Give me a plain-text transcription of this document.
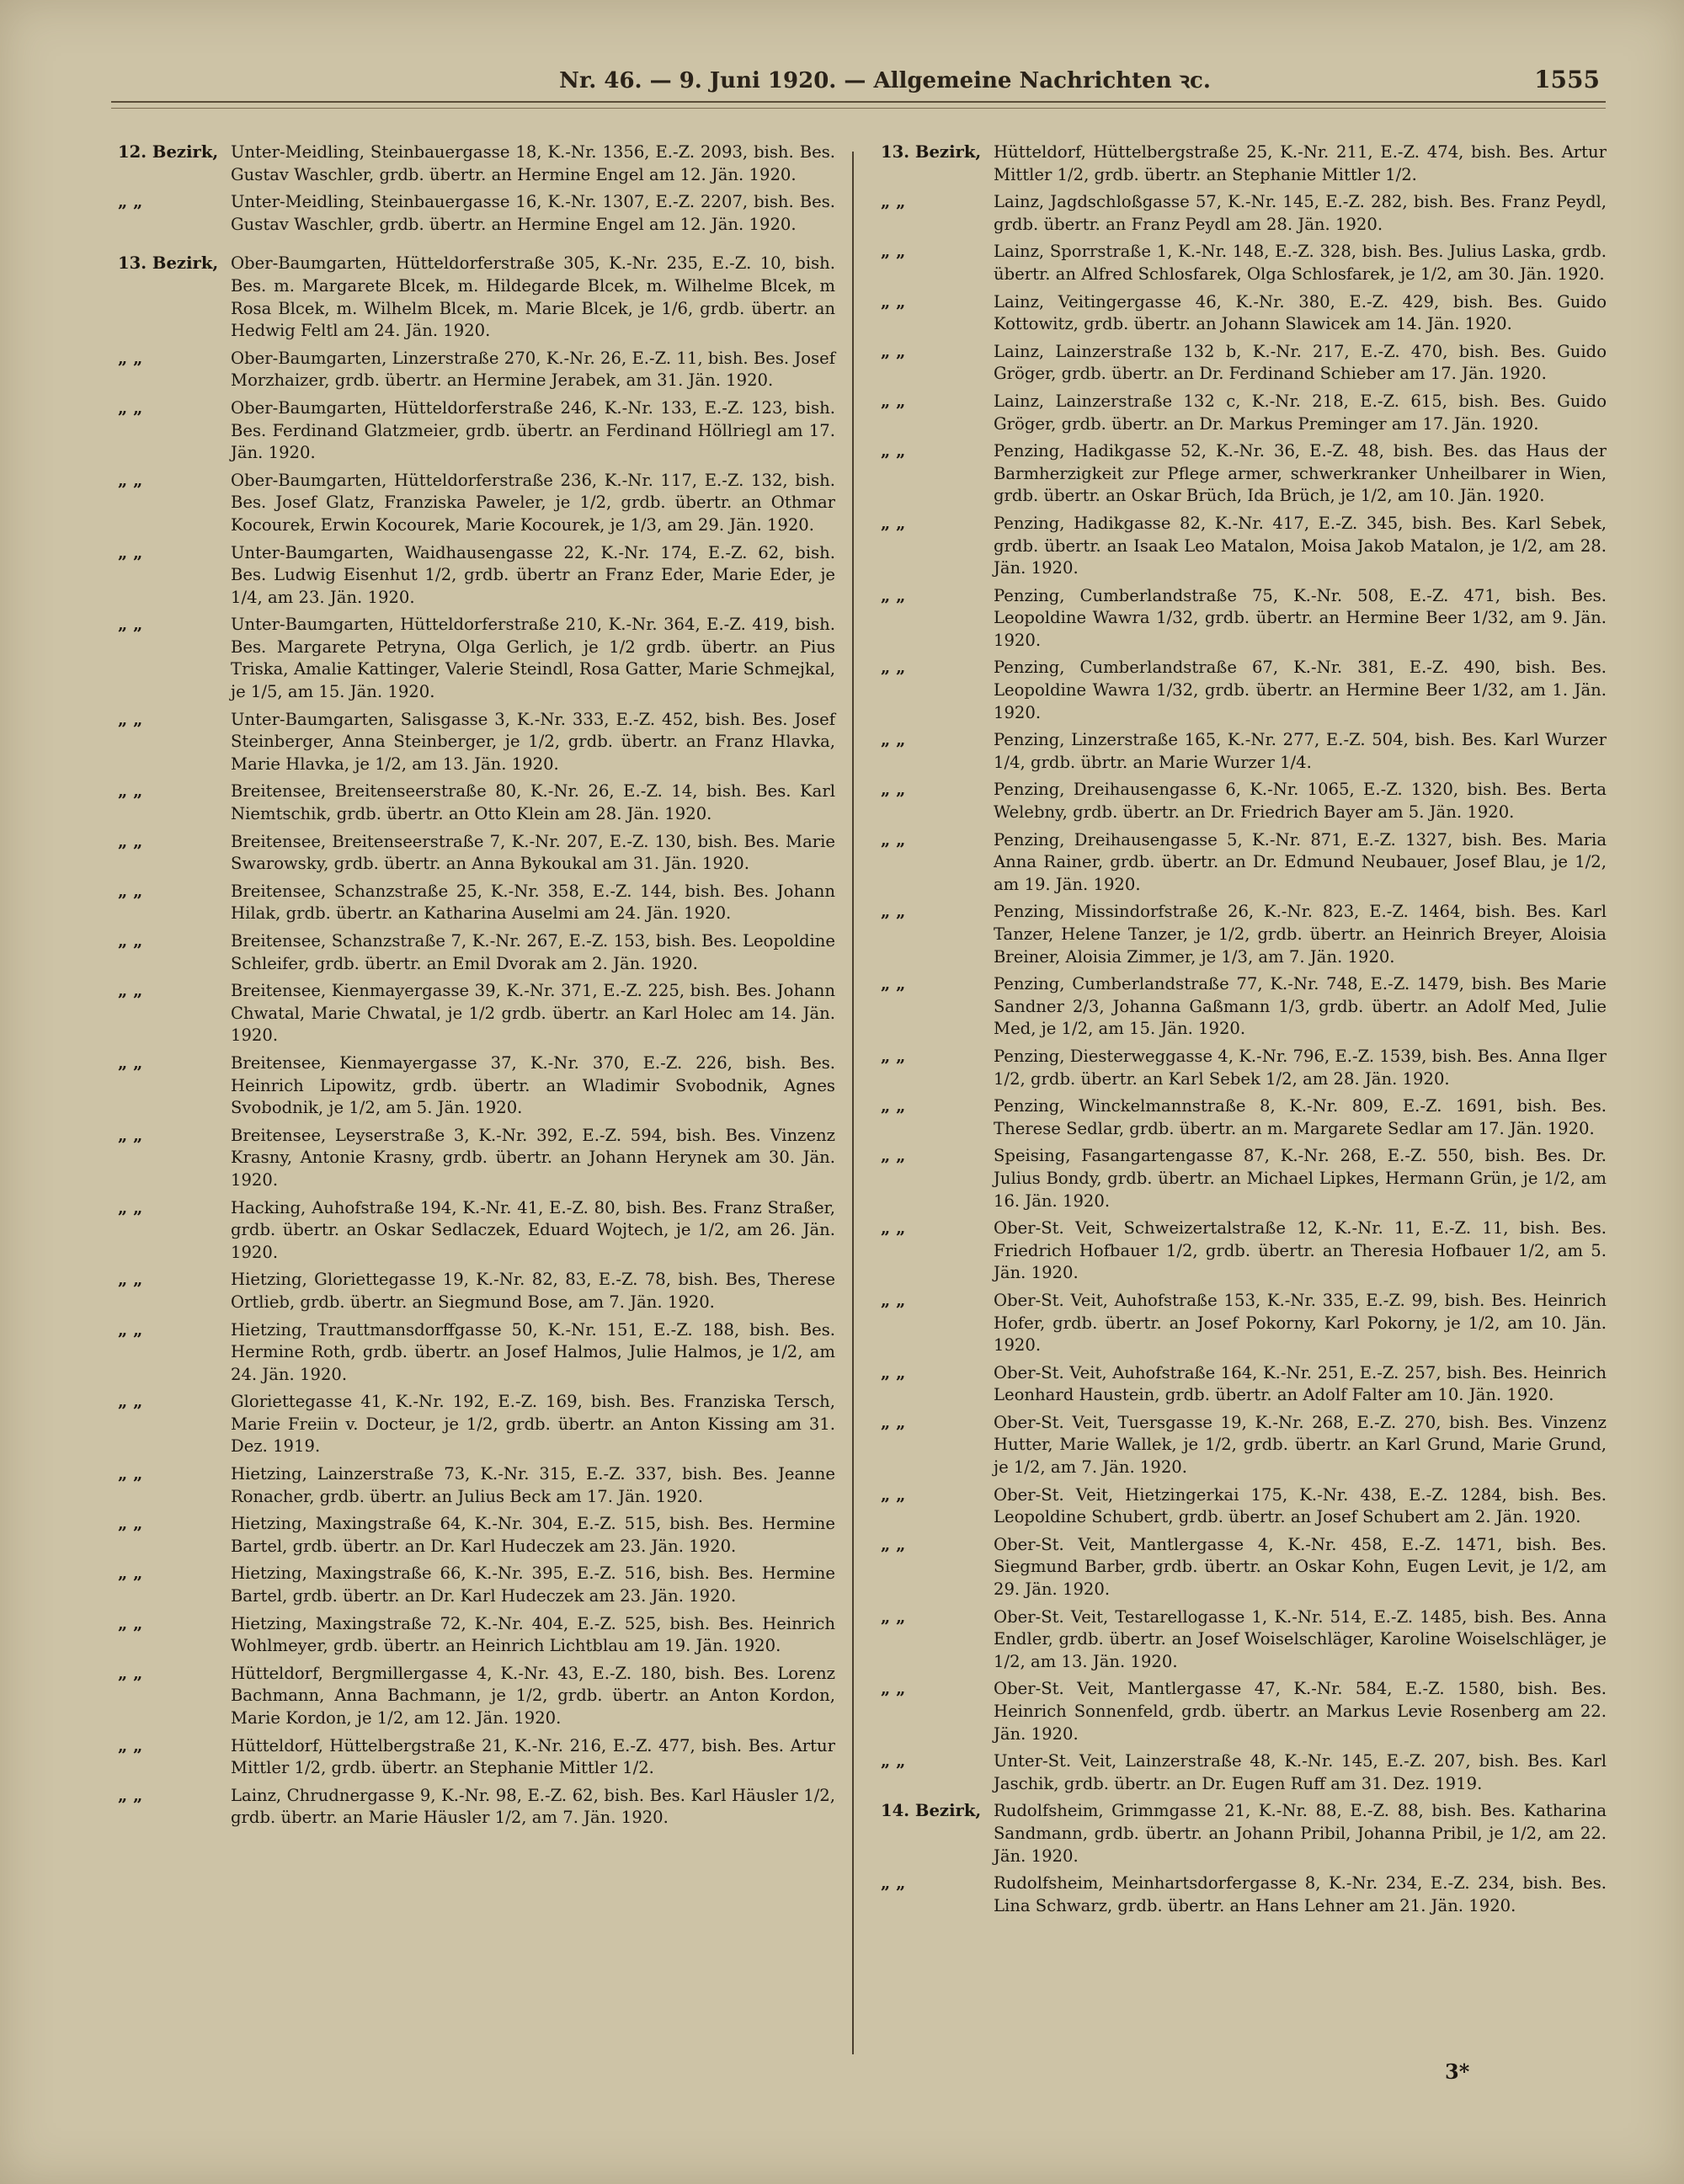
Nr. 46. — 9. Juni 1920. — Allgemeine Nachrichten ꝛc.	1555
12. Bezirk, Unter-Meidling, Steinbauergasse 18, K.-Nr. 1356, E.-Z. 2093, bish. Bes. Gustav Waschler, grdb. übertr. an Hermine Engel am 12. Jän. 1920.
„ „	Unter-Meidling, Steinbauergasse 16, K.-Nr. 1307, E.-Z. 2207, bish. Bes. Gustav Waschler, grdb. übertr. an Hermine Engel am 12. Jän. 1920.
13. Bezirk, Ober-Baumgarten, Hütteldorferstraße 305, K.-Nr. 235, E.-Z. 10, bish. Bes. m. Margarete Blcek, m. Hildegarde Blcek, m. Wilhelme Blcek, m Rosa Blcek, m. Wilhelm Blcek, m. Marie Blcek, je 1/6, grdb. übertr. an Hedwig Feltl am 24. Jän. 1920.
„ „	Ober-Baumgarten, Linzerstraße 270, K.-Nr. 26, E.-Z. 11, bish. Bes. Josef Morzhaizer, grdb. übertr. an Hermine Jerabek, am 31. Jän. 1920.
„ „	Ober-Baumgarten, Hütteldorferstraße 246, K.-Nr. 133, E.-Z. 123, bish. Bes. Ferdinand Glatzmeier, grdb. übertr. an Ferdinand Höllriegl am 17. Jän. 1920.
„ „	Ober-Baumgarten, Hütteldorferstraße 236, K.-Nr. 117, E.-Z. 132, bish. Bes. Josef Glatz, Franziska Paweler, je 1/2, grdb. übertr. an Othmar Kocourek, Erwin Kocourek, Marie Kocourek, je 1/3, am 29. Jän. 1920.
„ „	Unter-Baumgarten, Waidhausengasse 22, K.-Nr. 174, E.-Z. 62, bish. Bes. Ludwig Eisenhut 1/2, grdb. übertr an Franz Eder, Marie Eder, je 1/4, am 23. Jän. 1920.
„ „	Unter-Baumgarten, Hütteldorferstraße 210, K.-Nr. 364, E.-Z. 419, bish. Bes. Margarete Petryna, Olga Gerlich, je 1/2 grdb. übertr. an Pius Triska, Amalie Kattinger, Valerie Steindl, Rosa Gatter, Marie Schmejkal, je 1/5, am 15. Jän. 1920.
„ „	Unter-Baumgarten, Salisgasse 3, K.-Nr. 333, E.-Z. 452, bish. Bes. Josef Steinberger, Anna Steinberger, je 1/2, grdb. übertr. an Franz Hlavka, Marie Hlavka, je 1/2, am 13. Jän. 1920.
„ „	Breitensee, Breitenseerstraße 80, K.-Nr. 26, E.-Z. 14, bish. Bes. Karl Niemtschik, grdb. übertr. an Otto Klein am 28. Jän. 1920.
„ „	Breitensee, Breitenseerstraße 7, K.-Nr. 207, E.-Z. 130, bish. Bes. Marie Swarowsky, grdb. übertr. an Anna Bykoukal am 31. Jän. 1920.
„ „	Breitensee, Schanzstraße 25, K.-Nr. 358, E.-Z. 144, bish. Bes. Johann Hilak, grdb. übertr. an Katharina Auselmi am 24. Jän. 1920.
„ „	Breitensee, Schanzstraße 7, K.-Nr. 267, E.-Z. 153, bish. Bes. Leopoldine Schleifer, grdb. übertr. an Emil Dvorak am 2. Jän. 1920.
„ „	Breitensee, Kienmayergasse 39, K.-Nr. 371, E.-Z. 225, bish. Bes. Johann Chwatal, Marie Chwatal, je 1/2 grdb. übertr. an Karl Holec am 14. Jän. 1920.
„ „	Breitensee, Kienmayergasse 37, K.-Nr. 370, E.-Z. 226, bish. Bes. Heinrich Lipowitz, grdb. übertr. an Wladimir Svobodnik, Agnes Svobodnik, je 1/2, am 5. Jän. 1920.
„ „	Breitensee, Leyserstraße 3, K.-Nr. 392, E.-Z. 594, bish. Bes. Vinzenz Krasny, Antonie Krasny, grdb. übertr. an Johann Herynek am 30. Jän. 1920.
„ „	Hacking, Auhofstraße 194, K.-Nr. 41, E.-Z. 80, bish. Bes. Franz Straßer, grdb. übertr. an Oskar Sedlaczek, Eduard Wojtech, je 1/2, am 26. Jän. 1920.
„ „	Hietzing, Gloriettegasse 19, K.-Nr. 82, 83, E.-Z. 78, bish. Bes, Therese Ortlieb, grdb. übertr. an Siegmund Bose, am 7. Jän. 1920.
„ „	Hietzing, Trauttmansdorffgasse 50, K.-Nr. 151, E.-Z. 188, bish. Bes. Hermine Roth, grdb. übertr. an Josef Halmos, Julie Halmos, je 1/2, am 24. Jän. 1920.
„ „	Gloriettegasse 41, K.-Nr. 192, E.-Z. 169, bish. Bes. Franziska Tersch, Marie Freiin v. Docteur, je 1/2, grdb. übertr. an Anton Kissing am 31. Dez. 1919.
„ „	Hietzing, Lainzerstraße 73, K.-Nr. 315, E.-Z. 337, bish. Bes. Jeanne Ronacher, grdb. übertr. an Julius Beck am 17. Jän. 1920.
„ „	Hietzing, Maxingstraße 64, K.-Nr. 304, E.-Z. 515, bish. Bes. Hermine Bartel, grdb. übertr. an Dr. Karl Hudeczek am 23. Jän. 1920.
„ „	Hietzing, Maxingstraße 66, K.-Nr. 395, E.-Z. 516, bish. Bes. Hermine Bartel, grdb. übertr. an Dr. Karl Hudeczek am 23. Jän. 1920.
„ „	Hietzing, Maxingstraße 72, K.-Nr. 404, E.-Z. 525, bish. Bes. Heinrich Wohlmeyer, grdb. übertr. an Heinrich Lichtblau am 19. Jän. 1920.
„ „	Hütteldorf, Bergmillergasse 4, K.-Nr. 43, E.-Z. 180, bish. Bes. Lorenz Bachmann, Anna Bachmann, je 1/2, grdb. übertr. an Anton Kordon, Marie Kordon, je 1/2, am 12. Jän. 1920.
„ „	Hütteldorf, Hüttelbergstraße 21, K.-Nr. 216, E.-Z. 477, bish. Bes. Artur Mittler 1/2, grdb. übertr. an Stephanie Mittler 1/2.
„ „	Lainz, Chrudnergasse 9, K.-Nr. 98, E.-Z. 62, bish. Bes. Karl Häusler 1/2, grdb. übertr. an Marie Häusler 1/2, am 7. Jän. 1920.
13. Bezirk, Hütteldorf, Hüttelbergstraße 25, K.-Nr. 211, E.-Z. 474, bish. Bes. Artur Mittler 1/2, grdb. übertr. an Stephanie Mittler 1/2.
„ „	Lainz, Jagdschloßgasse 57, K.-Nr. 145, E.-Z. 282, bish. Bes. Franz Peydl, grdb. übertr. an Franz Peydl am 28. Jän. 1920.
„ „	Lainz, Sporrstraße 1, K.-Nr. 148, E.-Z. 328, bish. Bes. Julius Laska, grdb. übertr. an Alfred Schlosfarek, Olga Schlosfarek, je 1/2, am 30. Jän. 1920.
„ „	Lainz, Veitingergasse 46, K.-Nr. 380, E.-Z. 429, bish. Bes. Guido Kottowitz, grdb. übertr. an Johann Slawicek am 14. Jän. 1920.
„ „	Lainz, Lainzerstraße 132 b, K.-Nr. 217, E.-Z. 470, bish. Bes. Guido Gröger, grdb. übertr. an Dr. Ferdinand Schieber am 17. Jän. 1920.
„ „	Lainz, Lainzerstraße 132 c, K.-Nr. 218, E.-Z. 615, bish. Bes. Guido Gröger, grdb. übertr. an Dr. Markus Preminger am 17. Jän. 1920.
„ „	Penzing, Hadikgasse 52, K.-Nr. 36, E.-Z. 48, bish. Bes. das Haus der Barmherzigkeit zur Pflege armer, schwerkranker Unheilbarer in Wien, grdb. übertr. an Oskar Brüch, Ida Brüch, je 1/2, am 10. Jän. 1920.
„ „	Penzing, Hadikgasse 82, K.-Nr. 417, E.-Z. 345, bish. Bes. Karl Sebek, grdb. übertr. an Isaak Leo Matalon, Moisa Jakob Matalon, je 1/2, am 28. Jän. 1920.
„ „	Penzing, Cumberlandstraße 75, K.-Nr. 508, E.-Z. 471, bish. Bes. Leopoldine Wawra 1/32, grdb. übertr. an Hermine Beer 1/32, am 9. Jän. 1920.
„ „	Penzing, Cumberlandstraße 67, K.-Nr. 381, E.-Z. 490, bish. Bes. Leopoldine Wawra 1/32, grdb. übertr. an Hermine Beer 1/32, am 1. Jän. 1920.
„ „	Penzing, Linzerstraße 165, K.-Nr. 277, E.-Z. 504, bish. Bes. Karl Wurzer 1/4, grdb. übrtr. an Marie Wurzer 1/4.
„ „	Penzing, Dreihausengasse 6, K.-Nr. 1065, E.-Z. 1320, bish. Bes. Berta Welebny, grdb. übertr. an Dr. Friedrich Bayer am 5. Jän. 1920.
„ „	Penzing, Dreihausengasse 5, K.-Nr. 871, E.-Z. 1327, bish. Bes. Maria Anna Rainer, grdb. übertr. an Dr. Edmund Neubauer, Josef Blau, je 1/2, am 19. Jän. 1920.
„ „	Penzing, Missindorfstraße 26, K.-Nr. 823, E.-Z. 1464, bish. Bes. Karl Tanzer, Helene Tanzer, je 1/2, grdb. übertr. an Heinrich Breyer, Aloisia Breiner, Aloisia Zimmer, je 1/3, am 7. Jän. 1920.
„ „	Penzing, Cumberlandstraße 77, K.-Nr. 748, E.-Z. 1479, bish. Bes Marie Sandner 2/3, Johanna Gaßmann 1/3, grdb. übertr. an Adolf Med, Julie Med, je 1/2, am 15. Jän. 1920.
„ „	Penzing, Diesterweggasse 4, K.-Nr. 796, E.-Z. 1539, bish. Bes. Anna Ilger 1/2, grdb. übertr. an Karl Sebek 1/2, am 28. Jän. 1920.
„ „	Penzing, Winckelmannstraße 8, K.-Nr. 809, E.-Z. 1691, bish. Bes. Therese Sedlar, grdb. übertr. an m. Margarete Sedlar am 17. Jän. 1920.
„ „	Speising, Fasangartengasse 87, K.-Nr. 268, E.-Z. 550, bish. Bes. Dr. Julius Bondy, grdb. übertr. an Michael Lipkes, Hermann Grün, je 1/2, am 16. Jän. 1920.
„ „	Ober-St. Veit, Schweizertalstraße 12, K.-Nr. 11, E.-Z. 11, bish. Bes. Friedrich Hofbauer 1/2, grdb. übertr. an Theresia Hofbauer 1/2, am 5. Jän. 1920.
„ „	Ober-St. Veit, Auhofstraße 153, K.-Nr. 335, E.-Z. 99, bish. Bes. Heinrich Hofer, grdb. übertr. an Josef Pokorny, Karl Pokorny, je 1/2, am 10. Jän. 1920.
„ „	Ober-St. Veit, Auhofstraße 164, K.-Nr. 251, E.-Z. 257, bish. Bes. Heinrich Leonhard Haustein, grdb. übertr. an Adolf Falter am 10. Jän. 1920.
„ „	Ober-St. Veit, Tuersgasse 19, K.-Nr. 268, E.-Z. 270, bish. Bes. Vinzenz Hutter, Marie Wallek, je 1/2, grdb. übertr. an Karl Grund, Marie Grund, je 1/2, am 7. Jän. 1920.
„ „	Ober-St. Veit, Hietzingerkai 175, K.-Nr. 438, E.-Z. 1284, bish. Bes. Leopoldine Schubert, grdb. übertr. an Josef Schubert am 2. Jän. 1920.
„ „	Ober-St. Veit, Mantlergasse 4, K.-Nr. 458, E.-Z. 1471, bish. Bes. Siegmund Barber, grdb. übertr. an Oskar Kohn, Eugen Levit, je 1/2, am 29. Jän. 1920.
„ „	Ober-St. Veit, Testarellogasse 1, K.-Nr. 514, E.-Z. 1485, bish. Bes. Anna Endler, grdb. übertr. an Josef Woiselschläger, Karoline Woiselschläger, je 1/2, am 13. Jän. 1920.
„ „	Ober-St. Veit, Mantlergasse 47, K.-Nr. 584, E.-Z. 1580, bish. Bes. Heinrich Sonnenfeld, grdb. übertr. an Markus Levie Rosenberg am 22. Jän. 1920.
„ „	Unter-St. Veit, Lainzerstraße 48, K.-Nr. 145, E.-Z. 207, bish. Bes. Karl Jaschik, grdb. übertr. an Dr. Eugen Ruff am 31. Dez. 1919.
14. Bezirk, Rudolfsheim, Grimmgasse 21, K.-Nr. 88, E.-Z. 88, bish. Bes. Katharina Sandmann, grdb. übertr. an Johann Pribil, Johanna Pribil, je 1/2, am 22. Jän. 1920.
„ „	Rudolfsheim, Meinhartsdorfergasse 8, K.-Nr. 234, E.-Z. 234, bish. Bes. Lina Schwarz, grdb. übertr. an Hans Lehner am 21. Jän. 1920.
3*
